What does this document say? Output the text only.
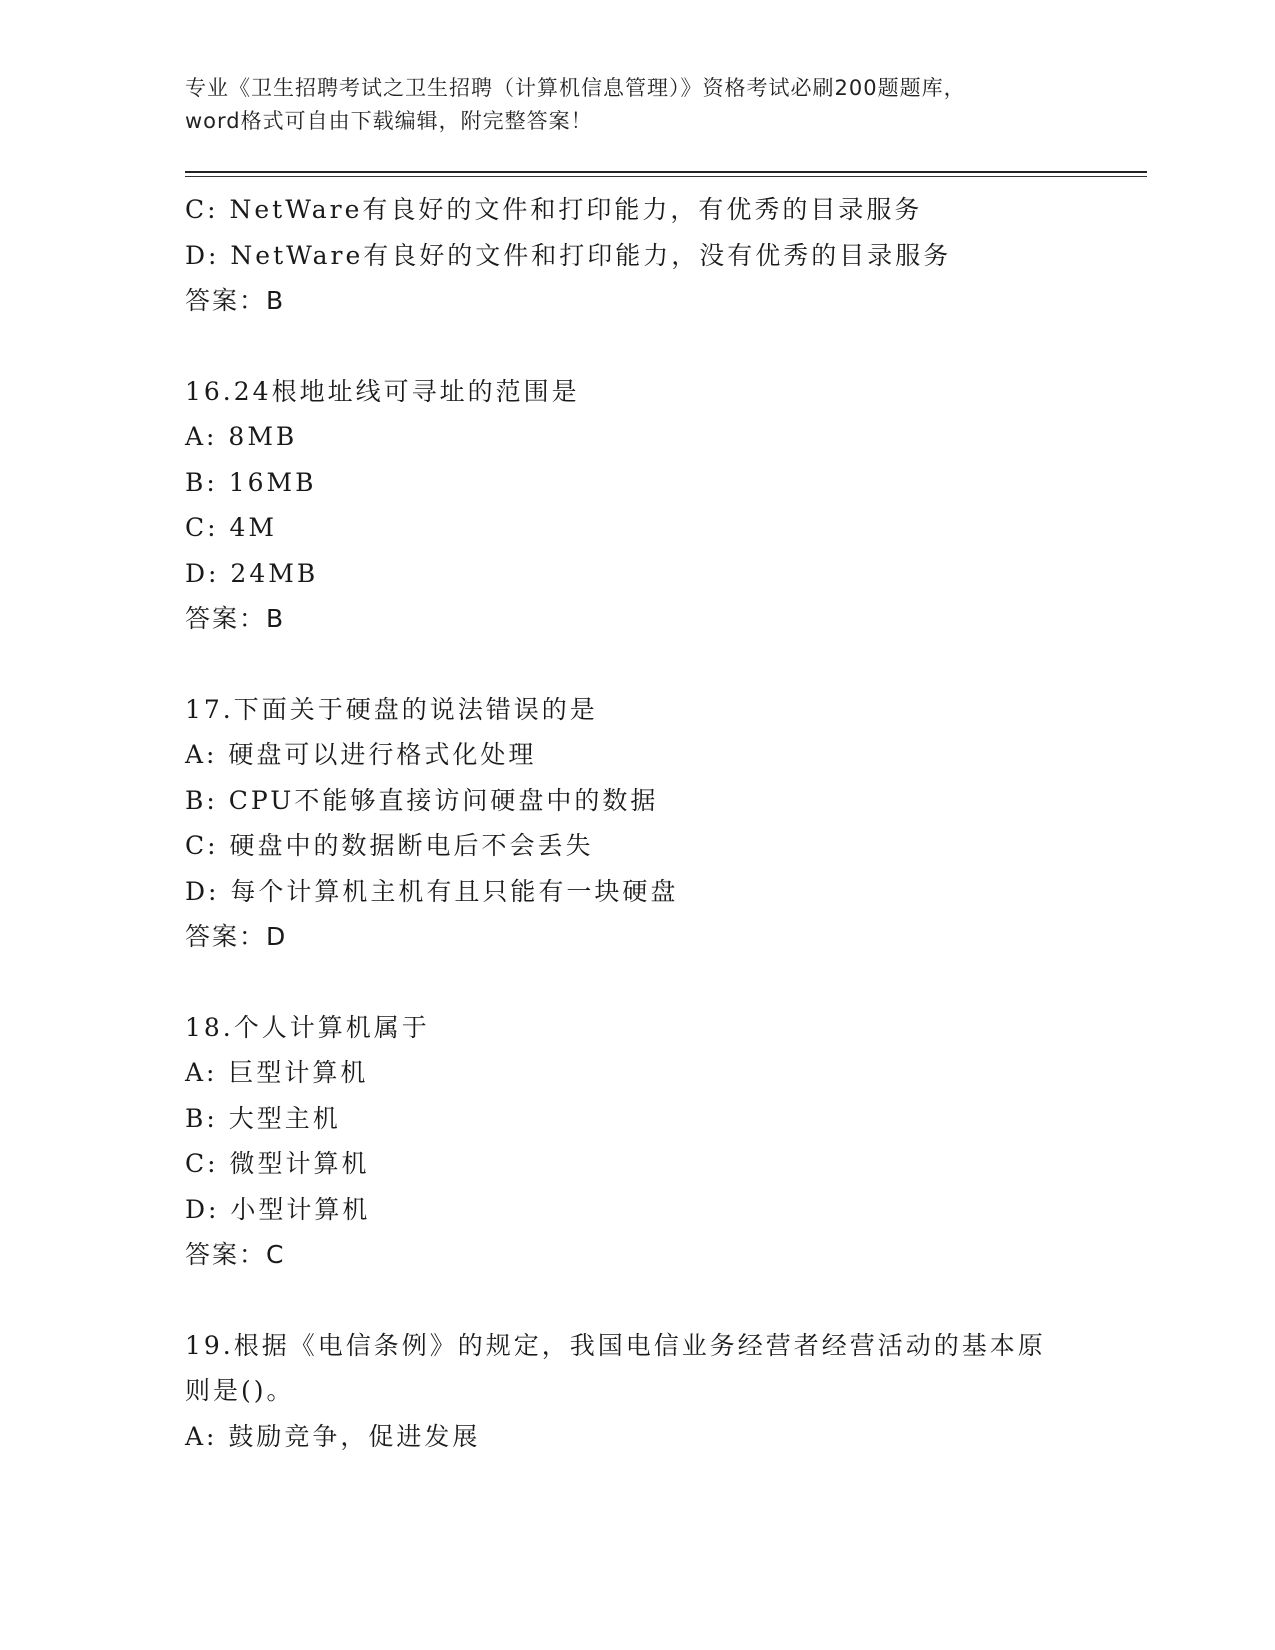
专业《卫生招聘考试之卫生招聘（计算机信息管理）》资格考试必刷200题题库，
word格式可自由下载编辑，附完整答案！
C: NetWare有良好的文件和打印能力，有优秀的目录服务
D: NetWare有良好的文件和打印能力，没有优秀的目录服务
答案：B
16.24根地址线可寻址的范围是
A: 8MB
B: 16MB
C: 4M
D: 24MB
答案：B
17.下面关于硬盘的说法错误的是
A: 硬盘可以进行格式化处理
B: CPU不能够直接访问硬盘中的数据
C: 硬盘中的数据断电后不会丢失
D: 每个计算机主机有且只能有一块硬盘
答案：D
18.个人计算机属于
A: 巨型计算机
B: 大型主机
C: 微型计算机
D: 小型计算机
答案：C
19.根据《电信条例》的规定，我国电信业务经营者经营活动的基本原
则是()。
A: 鼓励竞争，促进发展
